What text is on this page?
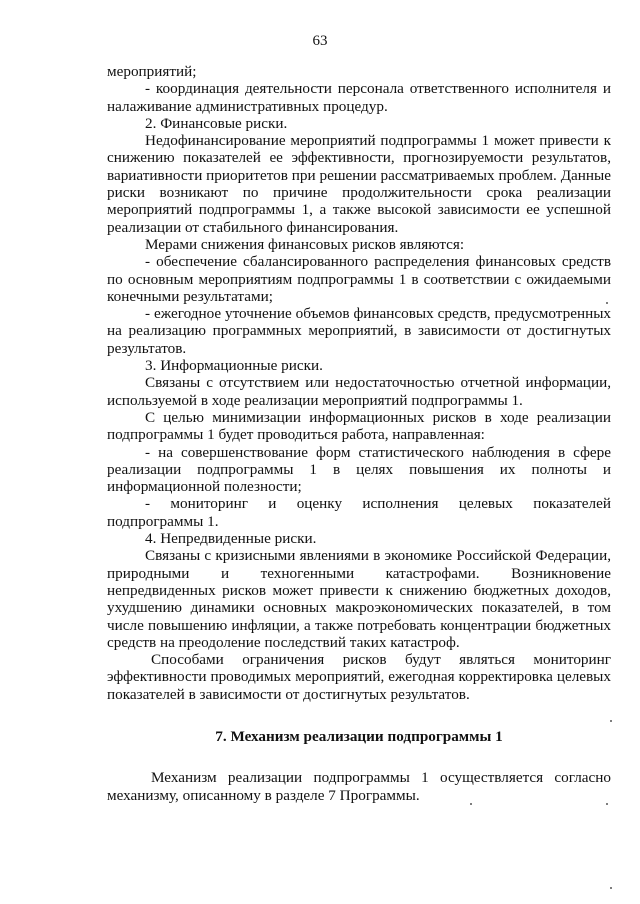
63

мероприятий;

- координация деятельности персонала ответственного исполнителя и налаживание административных процедур.

2. Финансовые риски.

Недофинансирование мероприятий подпрограммы 1 может привести к снижению показателей ее эффективности, прогнозируемости результатов, вариативности приоритетов при решении рассматриваемых проблем. Данные риски возникают по причине продолжительности срока реализации мероприятий подпрограммы 1, а также высокой зависимости ее успешной реализации от стабильного финансирования.

Мерами снижения финансовых рисков являются:

- обеспечение сбалансированного распределения финансовых средств по основным мероприятиям подпрограммы 1 в соответствии с ожидаемыми конечными результатами;

- ежегодное уточнение объемов финансовых средств, предусмотренных на реализацию программных мероприятий, в зависимости от достигнутых результатов.

3. Информационные риски.

Связаны с отсутствием или недостаточностью отчетной информации, используемой в ходе реализации мероприятий подпрограммы 1.

С целью минимизации информационных рисков в ходе реализации подпрограммы 1 будет проводиться работа, направленная:

- на совершенствование форм статистического наблюдения в сфере реализации подпрограммы 1 в целях повышения их полноты и информационной полезности;

- мониторинг и оценку исполнения целевых показателей подпрограммы 1.

4. Непредвиденные риски.

Связаны с кризисными явлениями в экономике Российской Федерации, природными и техногенными катастрофами. Возникновение непредвиденных рисков может привести к снижению бюджетных доходов, ухудшению динамики основных макроэкономических показателей, в том числе повышению инфляции, а также потребовать концентрации бюджетных средств на преодоление последствий таких катастроф.

Способами ограничения рисков будут являться мониторинг эффективности проводимых мероприятий, ежегодная корректировка целевых показателей в зависимости от достигнутых результатов.

7. Механизм реализации подпрограммы 1

Механизм реализации подпрограммы 1 осуществляется согласно механизму, описанному в разделе 7 Программы.
